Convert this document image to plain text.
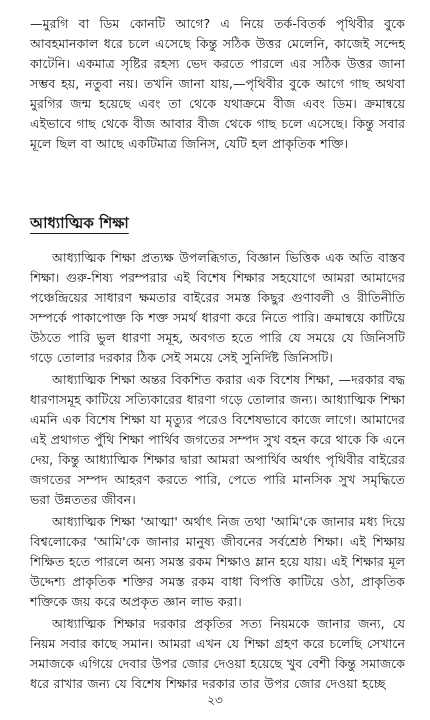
—মুরগি বা ডিম কোনটি আগে? এ নিয়ে তর্ক-বিতর্ক পৃথিবীর বুকে আবহমানকাল ধরে চলে এসেছে কিন্তু সঠিক উত্তর মেলেনি, কাজেই সন্দেহ কাটেনি। একমাত্র সৃষ্টির রহস্য ভেদ করতে পারলে এর সঠিক উত্তর জানা সম্ভব হয়, নতুবা নয়। তখনি জানা যায়,—পৃথিবীর বুকে আগে গাছ অথবা মুরগির জন্ম হয়েছে এবং তা থেকে যথাক্রমে বীজ এবং ডিম। ক্রমান্বয়ে এইভাবে গাছ থেকে বীজ আবার বীজ থেকে গাছ চলে এসেছে। কিন্তু সবার মূলে ছিল বা আছে একটিমাত্র জিনিস, যেটি হল প্রাকৃতিক শক্তি।

আধ্যাত্মিক শিক্ষা

আধ্যাত্মিক শিক্ষা প্রত্যক্ষ উপলব্ধিগত, বিজ্ঞান ভিত্তিক এক অতি বাস্তব শিক্ষা। গুরু-শিষ্য পরম্পরার এই বিশেষ শিক্ষার সহযোগে আমরা আমাদের পঞ্চেন্দ্রিয়ের সাধারণ ক্ষমতার বাইরের সমস্ত কিছুর গুণাবলী ও রীতিনীতি সম্পর্কে পাকাপোক্ত কি শক্ত সমর্থ ধারণা করে নিতে পারি। ক্রমান্বয়ে কাটিয়ে উঠতে পারি ভুল ধারণা সমূহ, অবগত হতে পারি যে সময়ে যে জিনিসটি গড়ে তোলার দরকার ঠিক সেই সময়ে সেই সুনির্দিষ্ট জিনিসটি।

আধ্যাত্মিক শিক্ষা অন্তর বিকশিত করার এক বিশেষ শিক্ষা, —দরকার বদ্ধ ধারণাসমূহ কাটিয়ে সত্যিকারের ধারণা গড়ে তোলার জন্য। আধ্যাত্মিক শিক্ষা এমনি এক বিশেষ শিক্ষা যা মৃত্যুর পরেও বিশেষভাবে কাজে লাগে। আমাদের এই প্রথাগত পুঁথি শিক্ষা পার্থিব জগতের সম্পদ সুখ বহন করে থাকে কি এনে দেয়, কিন্তু আধ্যাত্মিক শিক্ষার দ্বারা আমরা অপার্থিব অর্থাৎ পৃথিবীর বাইরের জগতের সম্পদ আহরণ করতে পারি, পেতে পারি মানসিক সুখ সমৃদ্ধিতে ভরা উন্নততর জীবন।

আধ্যাত্মিক শিক্ষা 'আত্মা' অর্থাৎ নিজ তথা 'আমি'কে জানার মধ্য দিয়ে বিশ্বলোকের 'আমি'কে জানার মানুষ্য জীবনের সর্বশ্রেষ্ঠ শিক্ষা। এই শিক্ষায় শিক্ষিত হতে পারলে অন্য সমস্ত রকম শিক্ষাও ম্লান হয়ে যায়। এই শিক্ষার মূল উদ্দেশ্য প্রাকৃতিক শক্তির সমস্ত রকম বাধা বিপত্তি কাটিয়ে ওঠা, প্রাকৃতিক শক্তিকে জয় করে অপ্রকৃত জ্ঞান লাভ করা।

আধ্যাত্মিক শিক্ষার দরকার প্রকৃতির সত্য নিয়মকে জানার জন্য, যে নিয়ম সবার কাছে সমান। আমরা এখন যে শিক্ষা গ্রহণ করে চলেছি সেখানে সমাজকে এগিয়ে দেবার উপর জোর দেওয়া হয়েছে খুব বেশী কিন্তু সমাজকে ধরে রাখার জন্য যে বিশেষ শিক্ষার দরকার তার উপর জোর দেওয়া হচ্ছে

২৩
